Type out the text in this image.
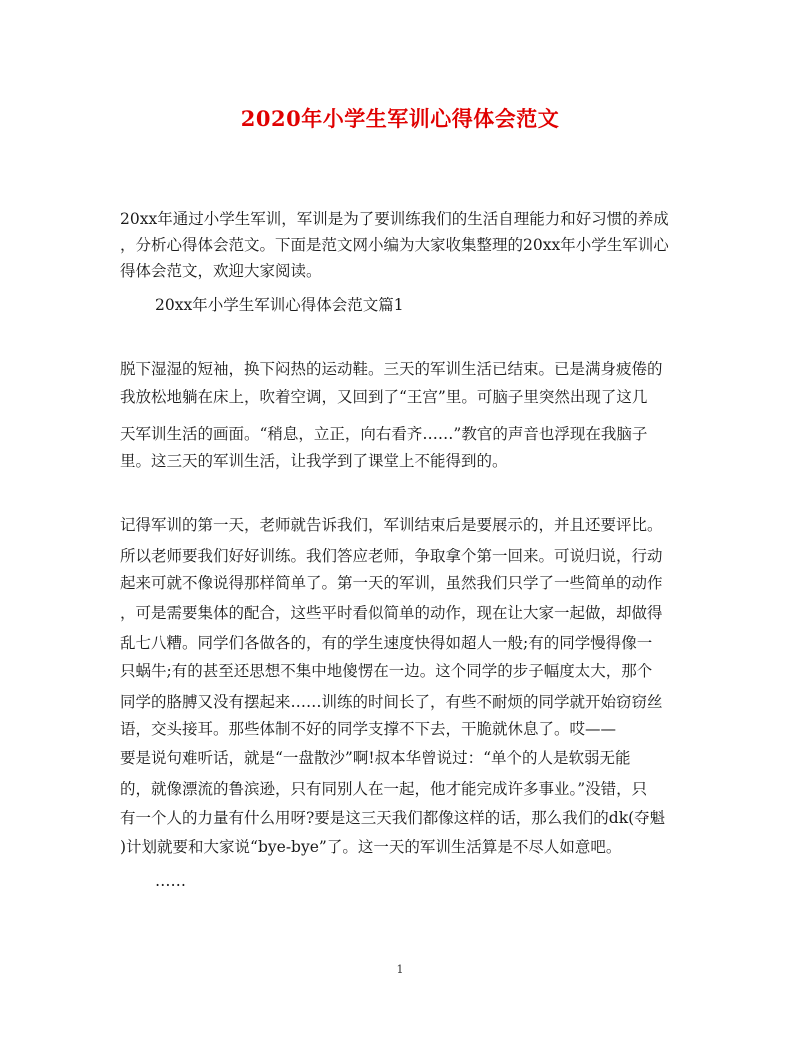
2020年小学生军训心得体会范文
20xx年通过小学生军训，军训是为了要训练我们的生活自理能力和好习惯的养成
，分析心得体会范文。下面是范文网小编为大家收集整理的20xx年小学生军训心
得体会范文，欢迎大家阅读。
20xx年小学生军训心得体会范文篇1
脱下湿湿的短袖，换下闷热的运动鞋。三天的军训生活已结束。已是满身疲倦的
我放松地躺在床上，吹着空调，又回到了“王宫”里。可脑子里突然出现了这几
天军训生活的画面。“稍息，立正，向右看齐……”教官的声音也浮现在我脑子
里。这三天的军训生活，让我学到了课堂上不能得到的。
记得军训的第一天，老师就告诉我们，军训结束后是要展示的，并且还要评比。
所以老师要我们好好训练。我们答应老师，争取拿个第一回来。可说归说，行动
起来可就不像说得那样简单了。第一天的军训，虽然我们只学了一些简单的动作
，可是需要集体的配合，这些平时看似简单的动作，现在让大家一起做，却做得
乱七八糟。同学们各做各的，有的学生速度快得如超人一般;有的同学慢得像一
只蜗牛;有的甚至还思想不集中地傻愣在一边。这个同学的步子幅度太大，那个
同学的胳膊又没有摆起来……训练的时间长了，有些不耐烦的同学就开始窃窃丝
语，交头接耳。那些体制不好的同学支撑不下去，干脆就休息了。哎——
要是说句难听话，就是“一盘散沙”啊!叔本华曾说过：“单个的人是软弱无能
的，就像漂流的鲁滨逊，只有同别人在一起，他才能完成许多事业。”没错，只
有一个人的力量有什么用呀?要是这三天我们都像这样的话，那么我们的dk(夺魁
)计划就要和大家说“bye-bye”了。这一天的军训生活算是不尽人如意吧。
……
1
